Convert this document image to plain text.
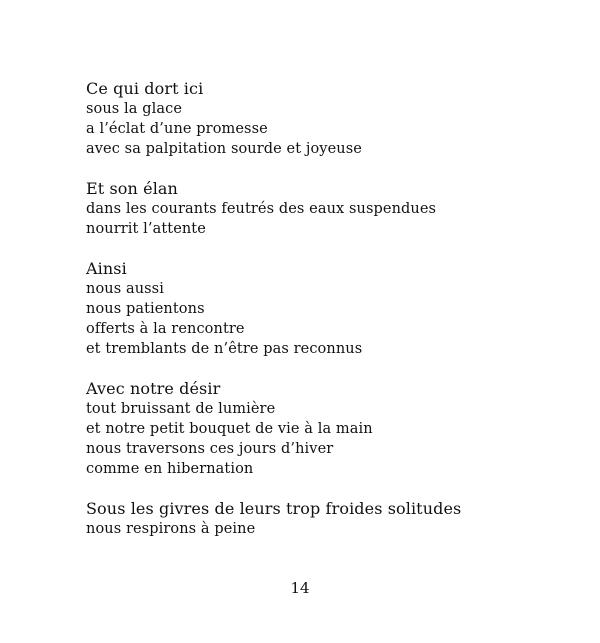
Ce qui dort ici
sous la glace
a l’éclat d’une promesse
avec sa palpitation sourde et joyeuse
Et son élan
dans les courants feutrés des eaux suspendues
nourrit l’attente
Ainsi
nous aussi
nous patientons
offerts à la rencontre
et tremblants de n’être pas reconnus
Avec notre désir
tout bruissant de lumière
et notre petit bouquet de vie à la main
nous traversons ces jours d’hiver
comme en hibernation
Sous les givres de leurs trop froides solitudes
nous respirons à peine
14
